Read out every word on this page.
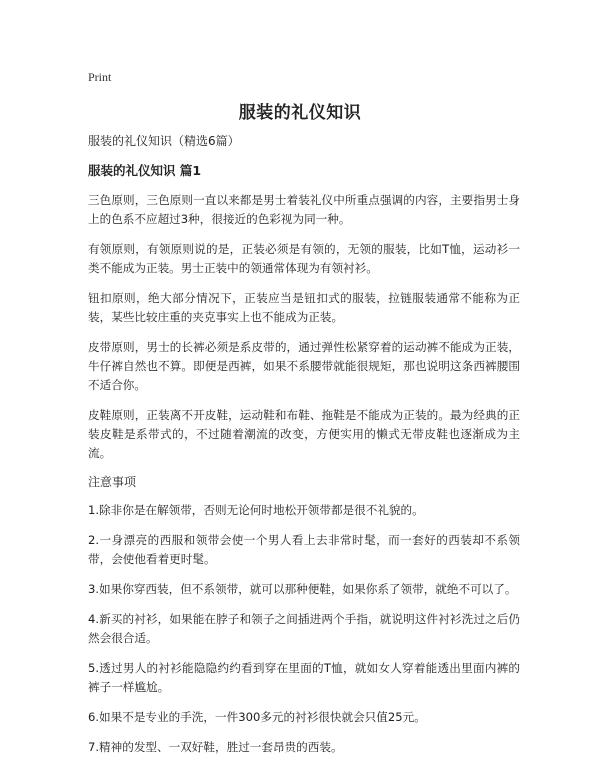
Print
服装的礼仪知识
服装的礼仪知识（精选6篇）
服装的礼仪知识 篇1

三色原则，三色原则一直以来都是男士着装礼仪中所重点强调的内容，主要指男士身上的色系不应超过3种，很接近的色彩视为同一种。

有领原则，有领原则说的是，正装必须是有领的，无领的服装，比如T恤，运动衫一类不能成为正装。男士正装中的领通常体现为有领衬衫。

钮扣原则，绝大部分情况下，正装应当是钮扣式的服装，拉链服装通常不能称为正装，某些比较庄重的夹克事实上也不能成为正装。

皮带原则，男士的长裤必须是系皮带的，通过弹性松紧穿着的运动裤不能成为正装，牛仔裤自然也不算。即便是西裤，如果不系腰带就能很规矩，那也说明这条西裤腰围不适合你。

皮鞋原则，正装离不开皮鞋，运动鞋和布鞋、拖鞋是不能成为正装的。最为经典的正装皮鞋是系带式的，不过随着潮流的改变，方便实用的懒式无带皮鞋也逐渐成为主流。

注意事项

1.除非你是在解领带，否则无论何时地松开领带都是很不礼貌的。

2.一身漂亮的西服和领带会使一个男人看上去非常时髦，而一套好的西装却不系领带，会使他看着更时髦。

3.如果你穿西装，但不系领带，就可以那种便鞋，如果你系了领带，就绝不可以了。

4.新买的衬衫，如果能在脖子和领子之间插进两个手指，就说明这件衬衫洗过之后仍然会很合适。

5.透过男人的衬衫能隐隐约约看到穿在里面的T恤，就如女人穿着能透出里面内裤的裤子一样尴尬。

6.如果不是专业的手洗，一件300多元的衬衫很快就会只值25元。

7.精神的发型、一双好鞋，胜过一套昂贵的西装。
